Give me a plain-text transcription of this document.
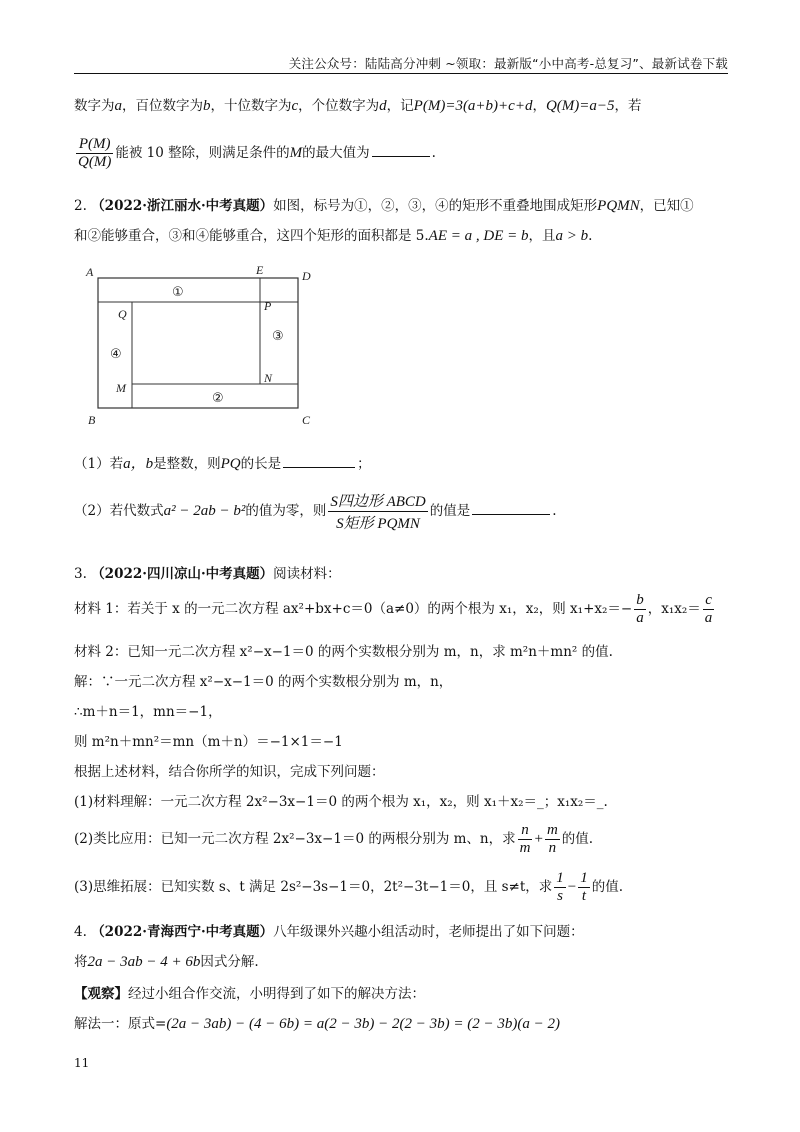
关注公众号：陆陆高分冲刺 ~领取：最新版“小中高考-总复习”、最新试卷下载
数字为a，百位数字为b，十位数字为c，个位数字为d，记P(M)=3(a+b)+c+d，Q(M)=a−5，若
$\frac{P(M)}{Q(M)}$ 能被 10 整除，则满足条件的M的最大值为	.
2. （2022·浙江丽水·中考真题）如图，标号为①，②，③，④的矩形不重叠地围成矩形PQMN，已知①
和②能够重合，③和④能够重合，这四个矩形的面积都是 5.AE = a , DE = b，且a > b.
A	E	D
Q
P
M
N
B	C
①
②
③
④
（1）若a，b是整数，则PQ的长是	；
（2）若代数式a² − 2ab − b²的值为零，则 $\frac{\text{S四边形 ABCD}}{\text{S矩形 PQMN}}$ 的值是	.
3. （2022·四川凉山·中考真题）阅读材料：
材料 1：若关于 x 的一元二次方程 ax²+bx+c＝0（a≠0）的两个根为 x₁，x₂，则 $x_1+x_2=- \frac{b}{a}$ ，$x_1x_2= \frac{c}{a}$
材料 2：已知一元二次方程 x²−x−1＝0 的两个实数根分别为 m，n，求 m²n＋mn² 的值.
解：∵一元二次方程 x²−x−1＝0 的两个实数根分别为 m，n，
∴m＋n＝1，mn＝−1，
则 m²n＋mn²＝mn（m＋n）＝−1×1＝−1
根据上述材料，结合你所学的知识，完成下列问题：
(1)材料理解：一元二次方程 2x²−3x−1＝0 的两个根为 x₁，x₂，则 x₁＋x₂＝_；x₁x₂＝_.
(2)类比应用：已知一元二次方程 2x²−3x−1＝0 的两根分别为 m、n，求 $\frac{n}{m} + \frac{m}{n}$ 的值.
(3)思维拓展：已知实数 s、t 满足 2s²−3s−1＝0，2t²−3t−1＝0，且 s≠t，求 $\frac{1}{s} - \frac{1}{t}$ 的值.
4. （2022·青海西宁·中考真题）八年级课外兴趣小组活动时，老师提出了如下问题：
将2a − 3ab − 4 + 6b因式分解.
【观察】经过小组合作交流，小明得到了如下的解决方法：
解法一：原式=(2a − 3ab) − (4 − 6b) = a(2 − 3b) − 2(2 − 3b) = (2 − 3b)(a − 2)
11
